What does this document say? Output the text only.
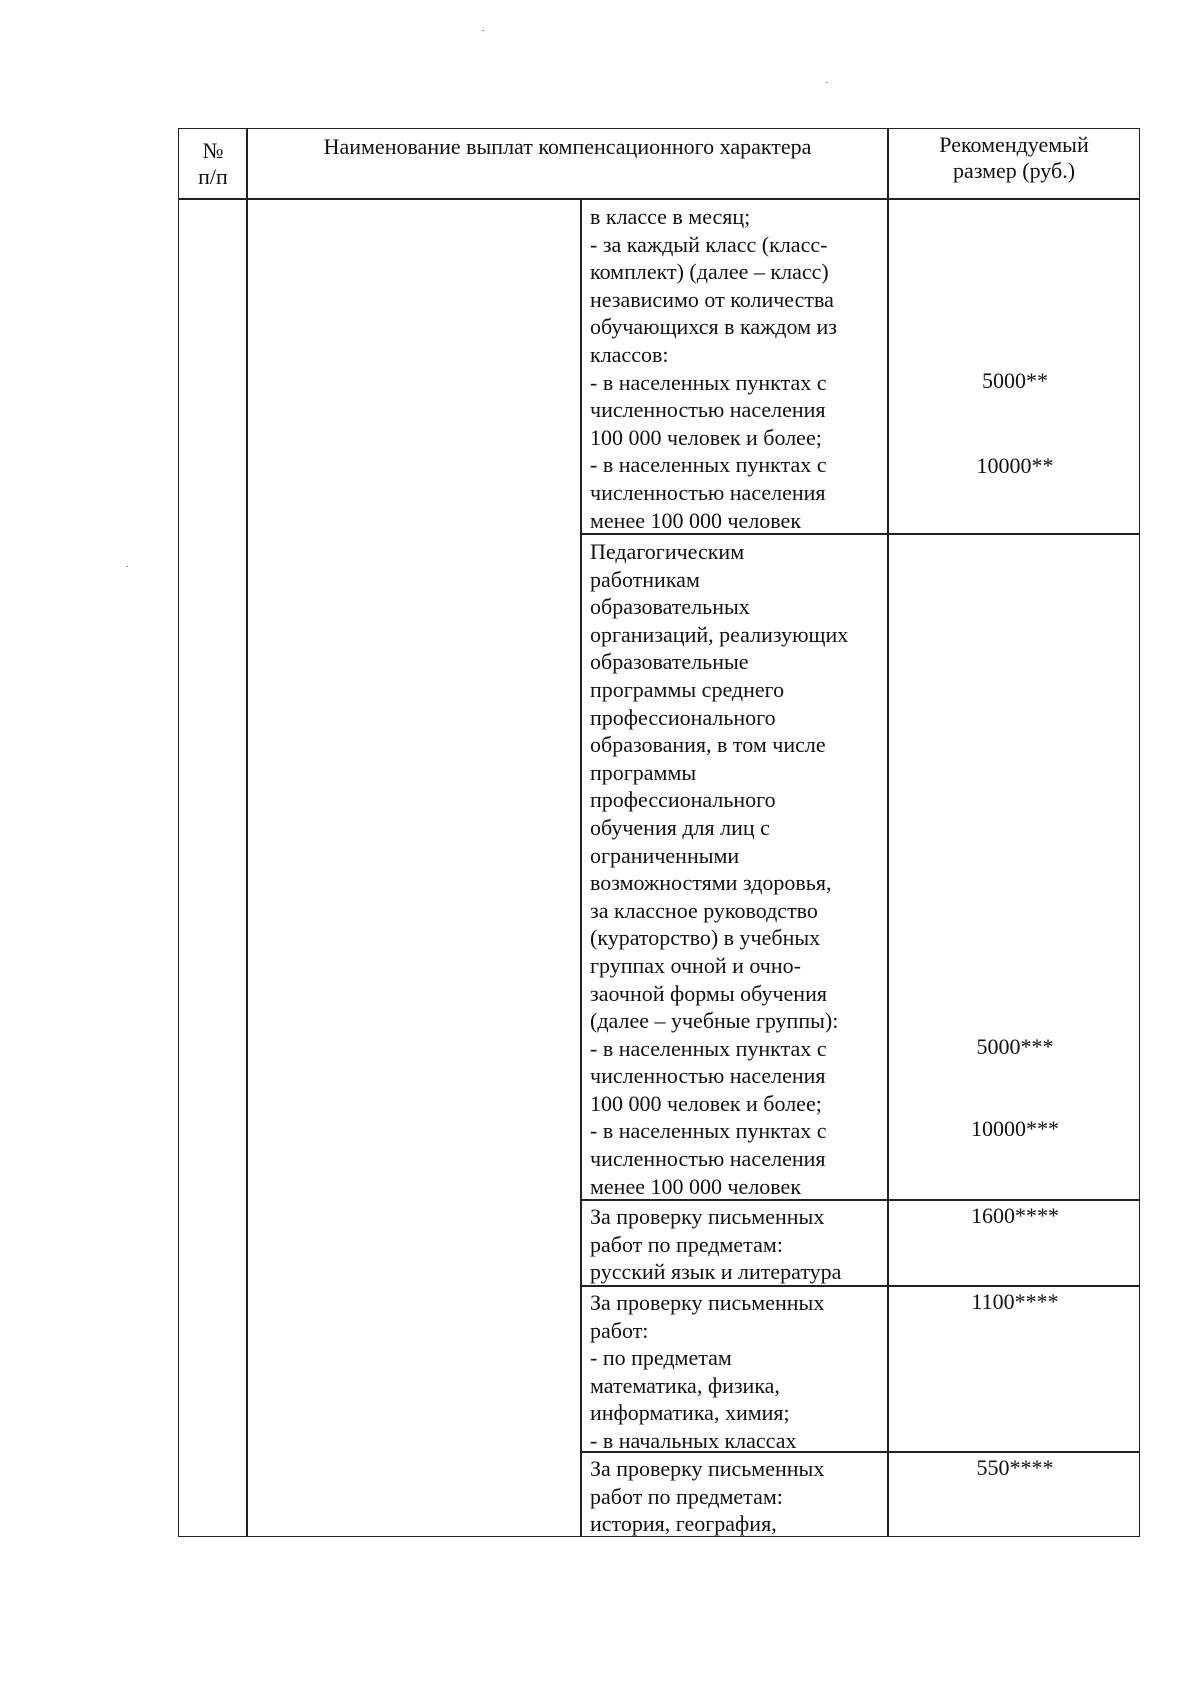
№
п/п
Наименование выплат компенсационного характера	Рекомендуемый
размер (руб.)
в классе в месяц;
- за каждый класс (класс-
комплект) (далее – класс)
независимо от количества
обучающихся в каждом из
классов:
- в населенных пунктах с
численностью населения
100 000 человек и более;
- в населенных пунктах с
численностью населения
менее 100 000 человек
5000**
10000**
Педагогическим
работникам
образовательных
организаций, реализующих
образовательные
программы среднего
профессионального
образования, в том числе
программы
профессионального
обучения для лиц с
ограниченными
возможностями здоровья,
за классное руководство
(кураторство) в учебных
группах очной и очно-
заочной формы обучения
(далее – учебные группы):
- в населенных пунктах с
численностью населения
100 000 человек и более;
- в населенных пунктах с
численностью населения
менее 100 000 человек
5000***
10000***
За проверку письменных
работ по предметам:
русский язык и литература
1600****
За проверку письменных
работ:
- по предметам
математика, физика,
информатика, химия;
- в начальных классах
1100****
За проверку письменных
работ по предметам:
история, география,
550****
